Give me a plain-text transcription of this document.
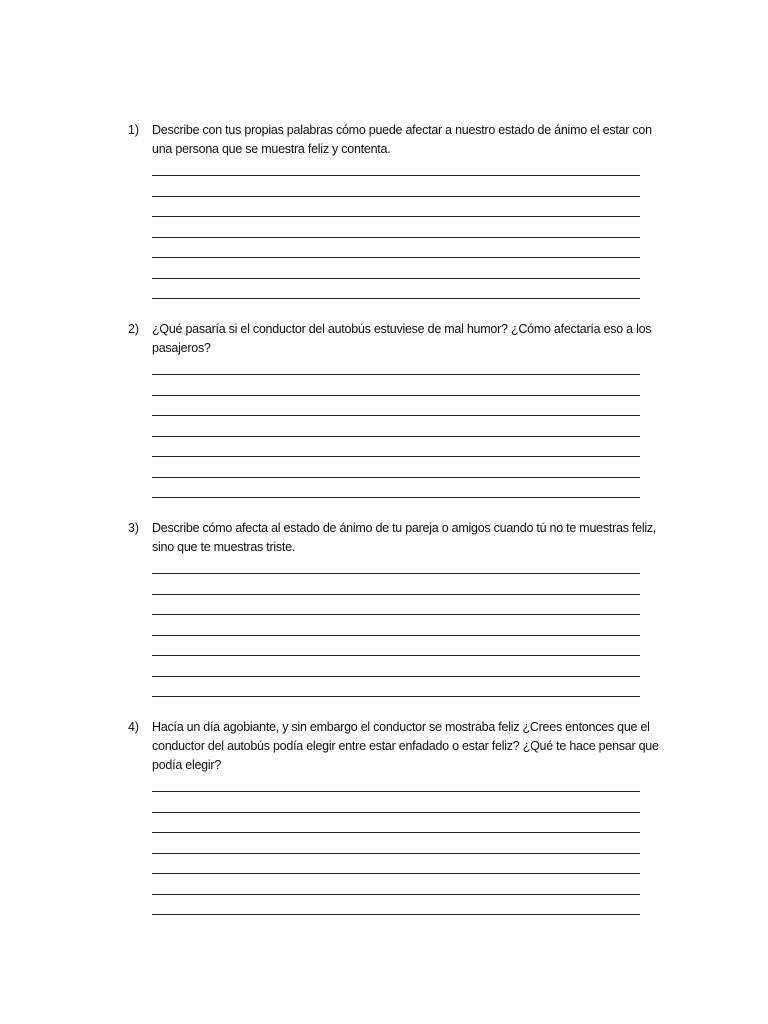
1) Describe con tus propias palabras cómo puede afectar a nuestro estado de ánimo el estar con una persona que se muestra feliz y contenta.

2) ¿Qué pasaría si el conductor del autobús estuviese de mal humor? ¿Cómo afectaría eso a los pasajeros?

3) Describe cómo afecta al estado de ánimo de tu pareja o amigos cuando tú no te muestras feliz, sino que te muestras triste.

4) Hacía un día agobiante, y sin embargo el conductor se mostraba feliz ¿Crees entonces que el conductor del autobús podía elegir entre estar enfadado o estar feliz? ¿Qué te hace pensar que podía elegir?
